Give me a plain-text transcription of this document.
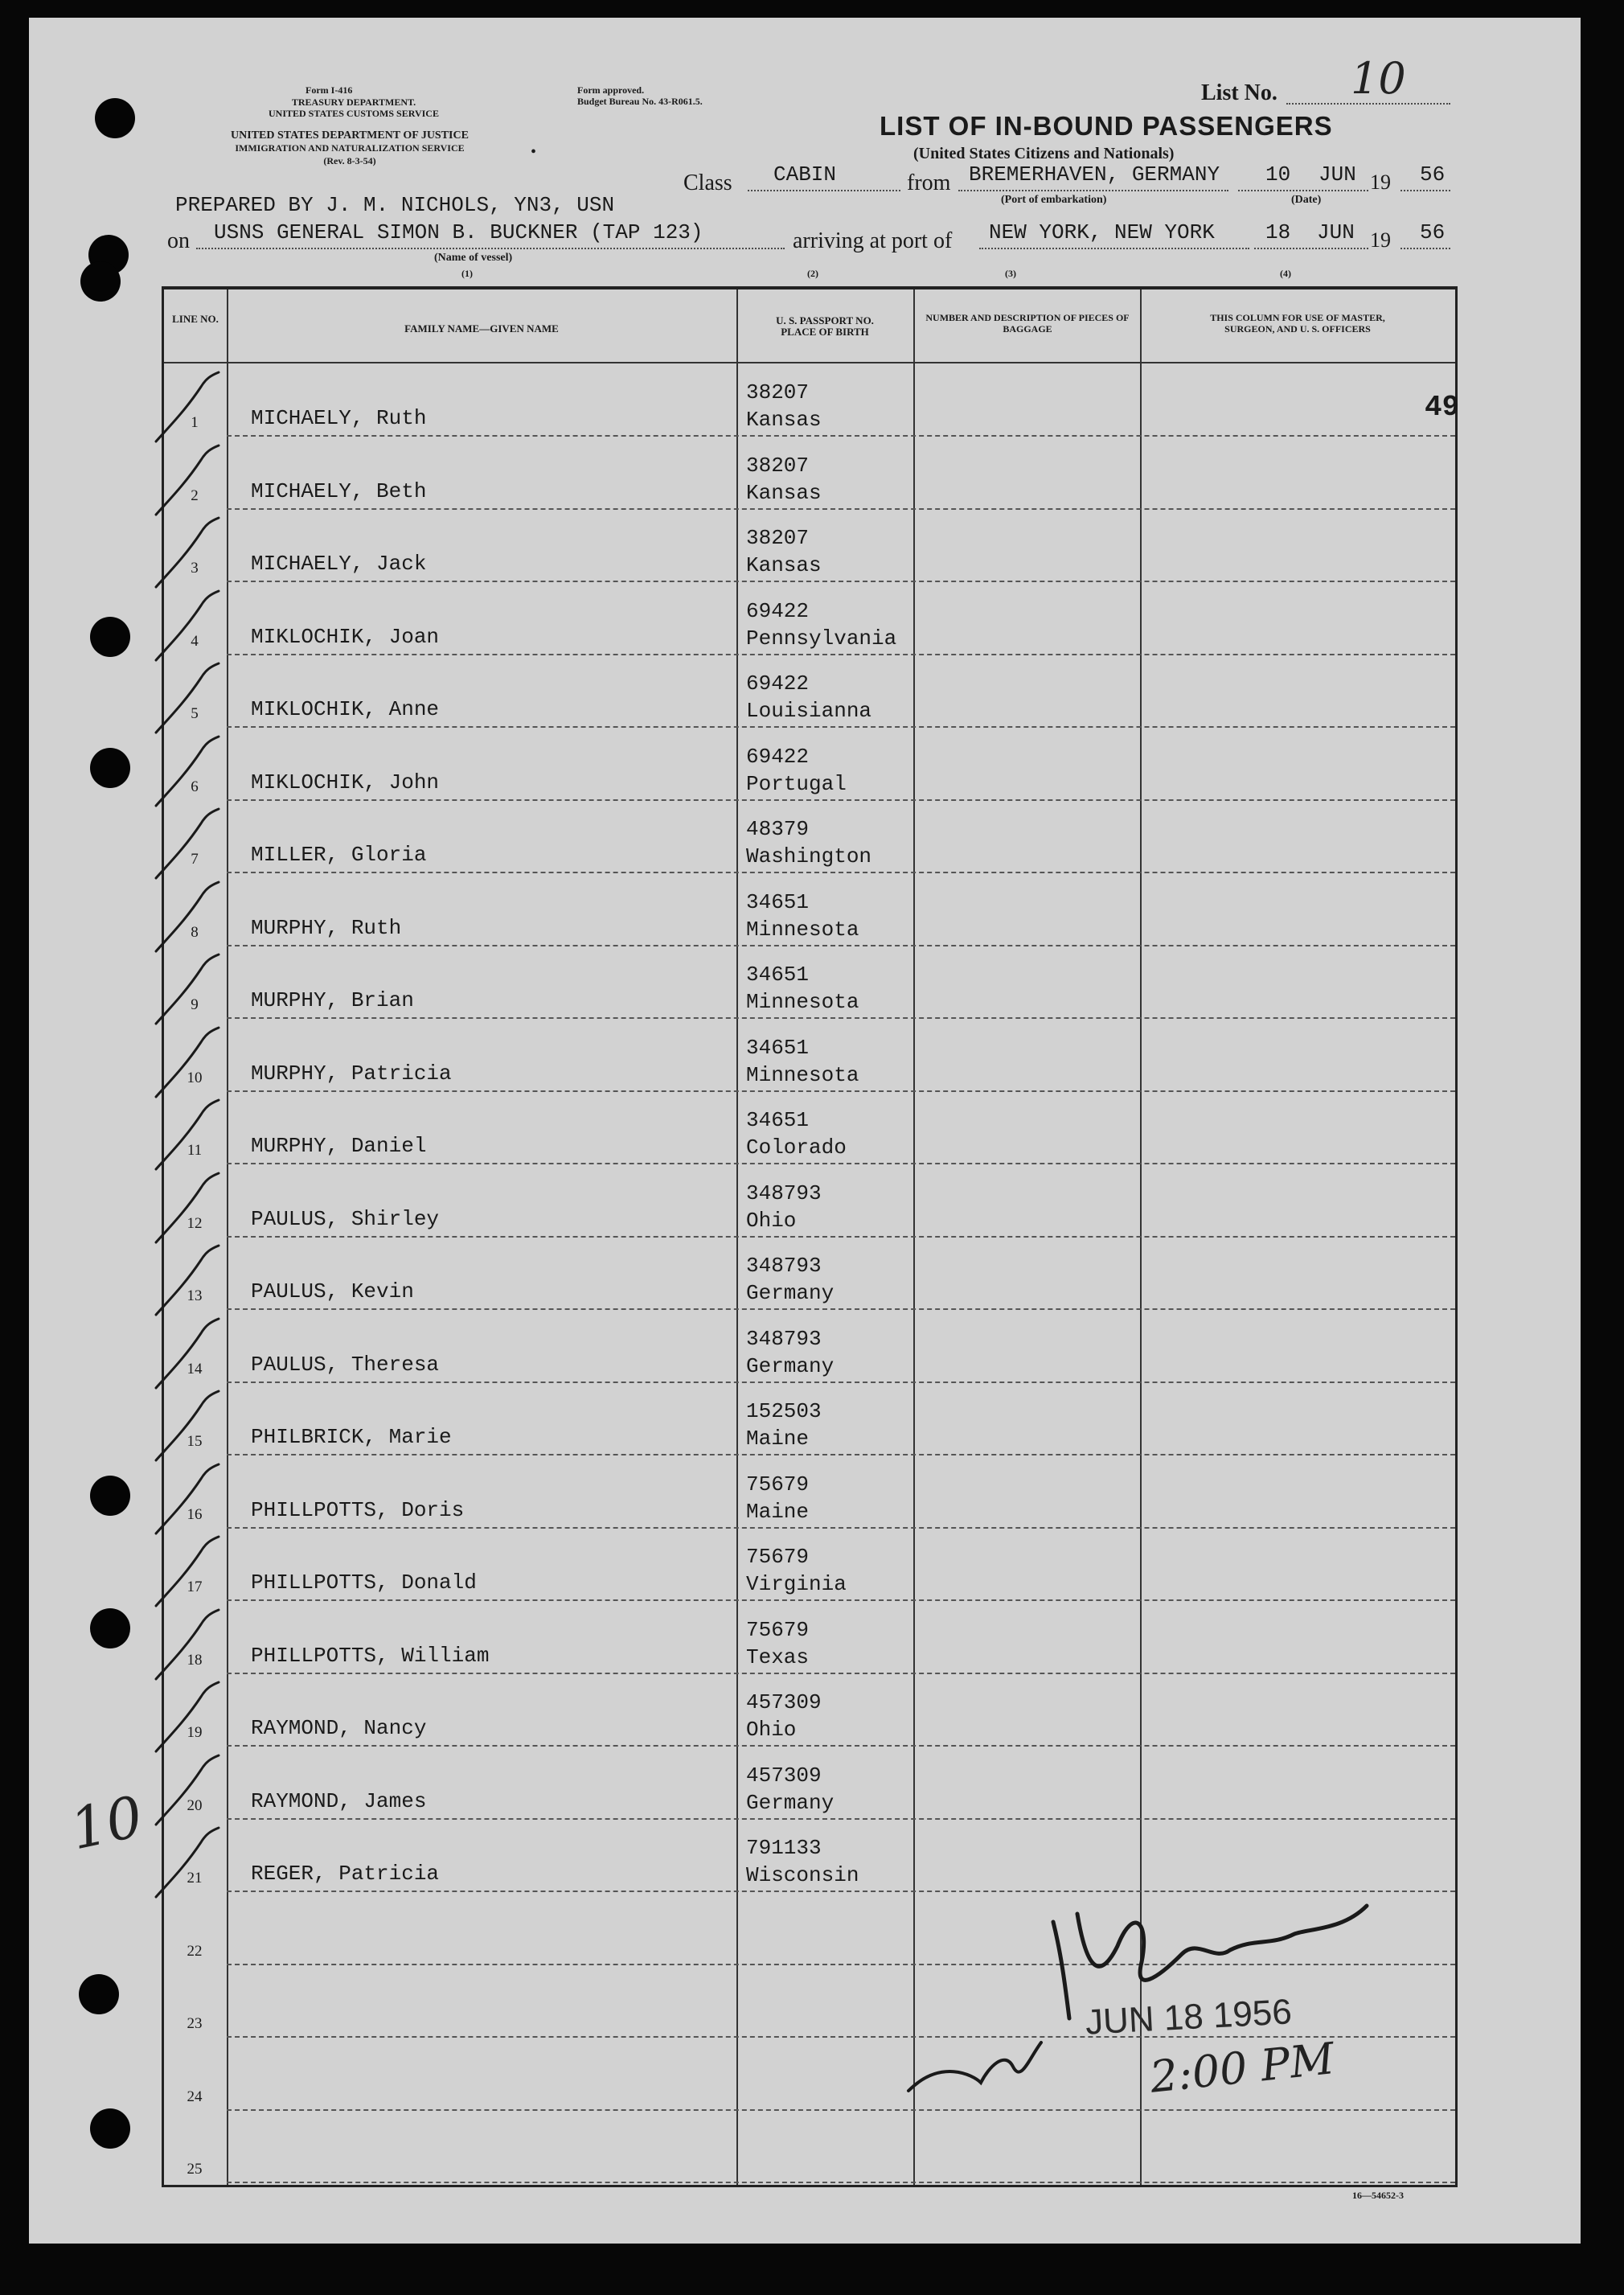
Form I-416
TREASURY DEPARTMENT.
UNITED STATES CUSTOMS SERVICE
UNITED STATES DEPARTMENT OF JUSTICE
IMMIGRATION AND NATURALIZATION SERVICE
(Rev. 8-3-54)	•
Form approved.
Budget Bureau No. 43-R061.5.	List No. 10
LIST OF IN-BOUND PASSENGERS
(United States Citizens and Nationals)
Class CABIN	from BREMERHAVEN, GERMANY
(Port of embarkation)
10 JUN 19 56
(Date)
PREPARED BY J. M. NICHOLS, YN3, USN
on USNS GENERAL SIMON B. BUCKNER (TAP 123)
(Name of vessel)
arriving at port of NEW YORK, NEW YORK 18 JUN 19 56
(1)	(2)	(3)	(4)
LINE NO.
FAMILY NAME—GIVEN NAME
U. S. PASSPORT NO. PLACE OF BIRTH
NUMBER AND DESCRIPTION OF PIECES OF BAGGAGE
THIS COLUMN FOR USE OF MASTER, SURGEON, AND U. S. OFFICERS
1	MICHAELY, Ruth
38207
Kansas
2	MICHAELY, Beth
38207
Kansas
3	MICHAELY, Jack
38207
Kansas
4	MIKLOCHIK, Joan
69422
Pennsylvania
5	MIKLOCHIK, Anne
69422
Louisianna
6	MIKLOCHIK, John
69422
Portugal
7	MILLER, Gloria
48379
Washington
8	MURPHY, Ruth
34651
Minnesota
9	MURPHY, Brian
34651
Minnesota
10	MURPHY, Patricia
34651
Minnesota
11	MURPHY, Daniel
34651
Colorado
12	PAULUS, Shirley
348793
Ohio
13	PAULUS, Kevin
348793
Germany
14	PAULUS, Theresa
348793
Germany
15	PHILBRICK, Marie
152503
Maine
16	PHILLPOTTS, Doris
75679
Maine
17	PHILLPOTTS, Donald
75679
Virginia
18	PHILLPOTTS, William
75679
Texas
19	RAYMOND, Nancy
457309
Ohio
20	RAYMOND, James
457309
Germany
21	REGER, Patricia
791133
Wisconsin
22
23
24
25
49
10
JUN 18 1956
2:00 PM
16—54652-3
